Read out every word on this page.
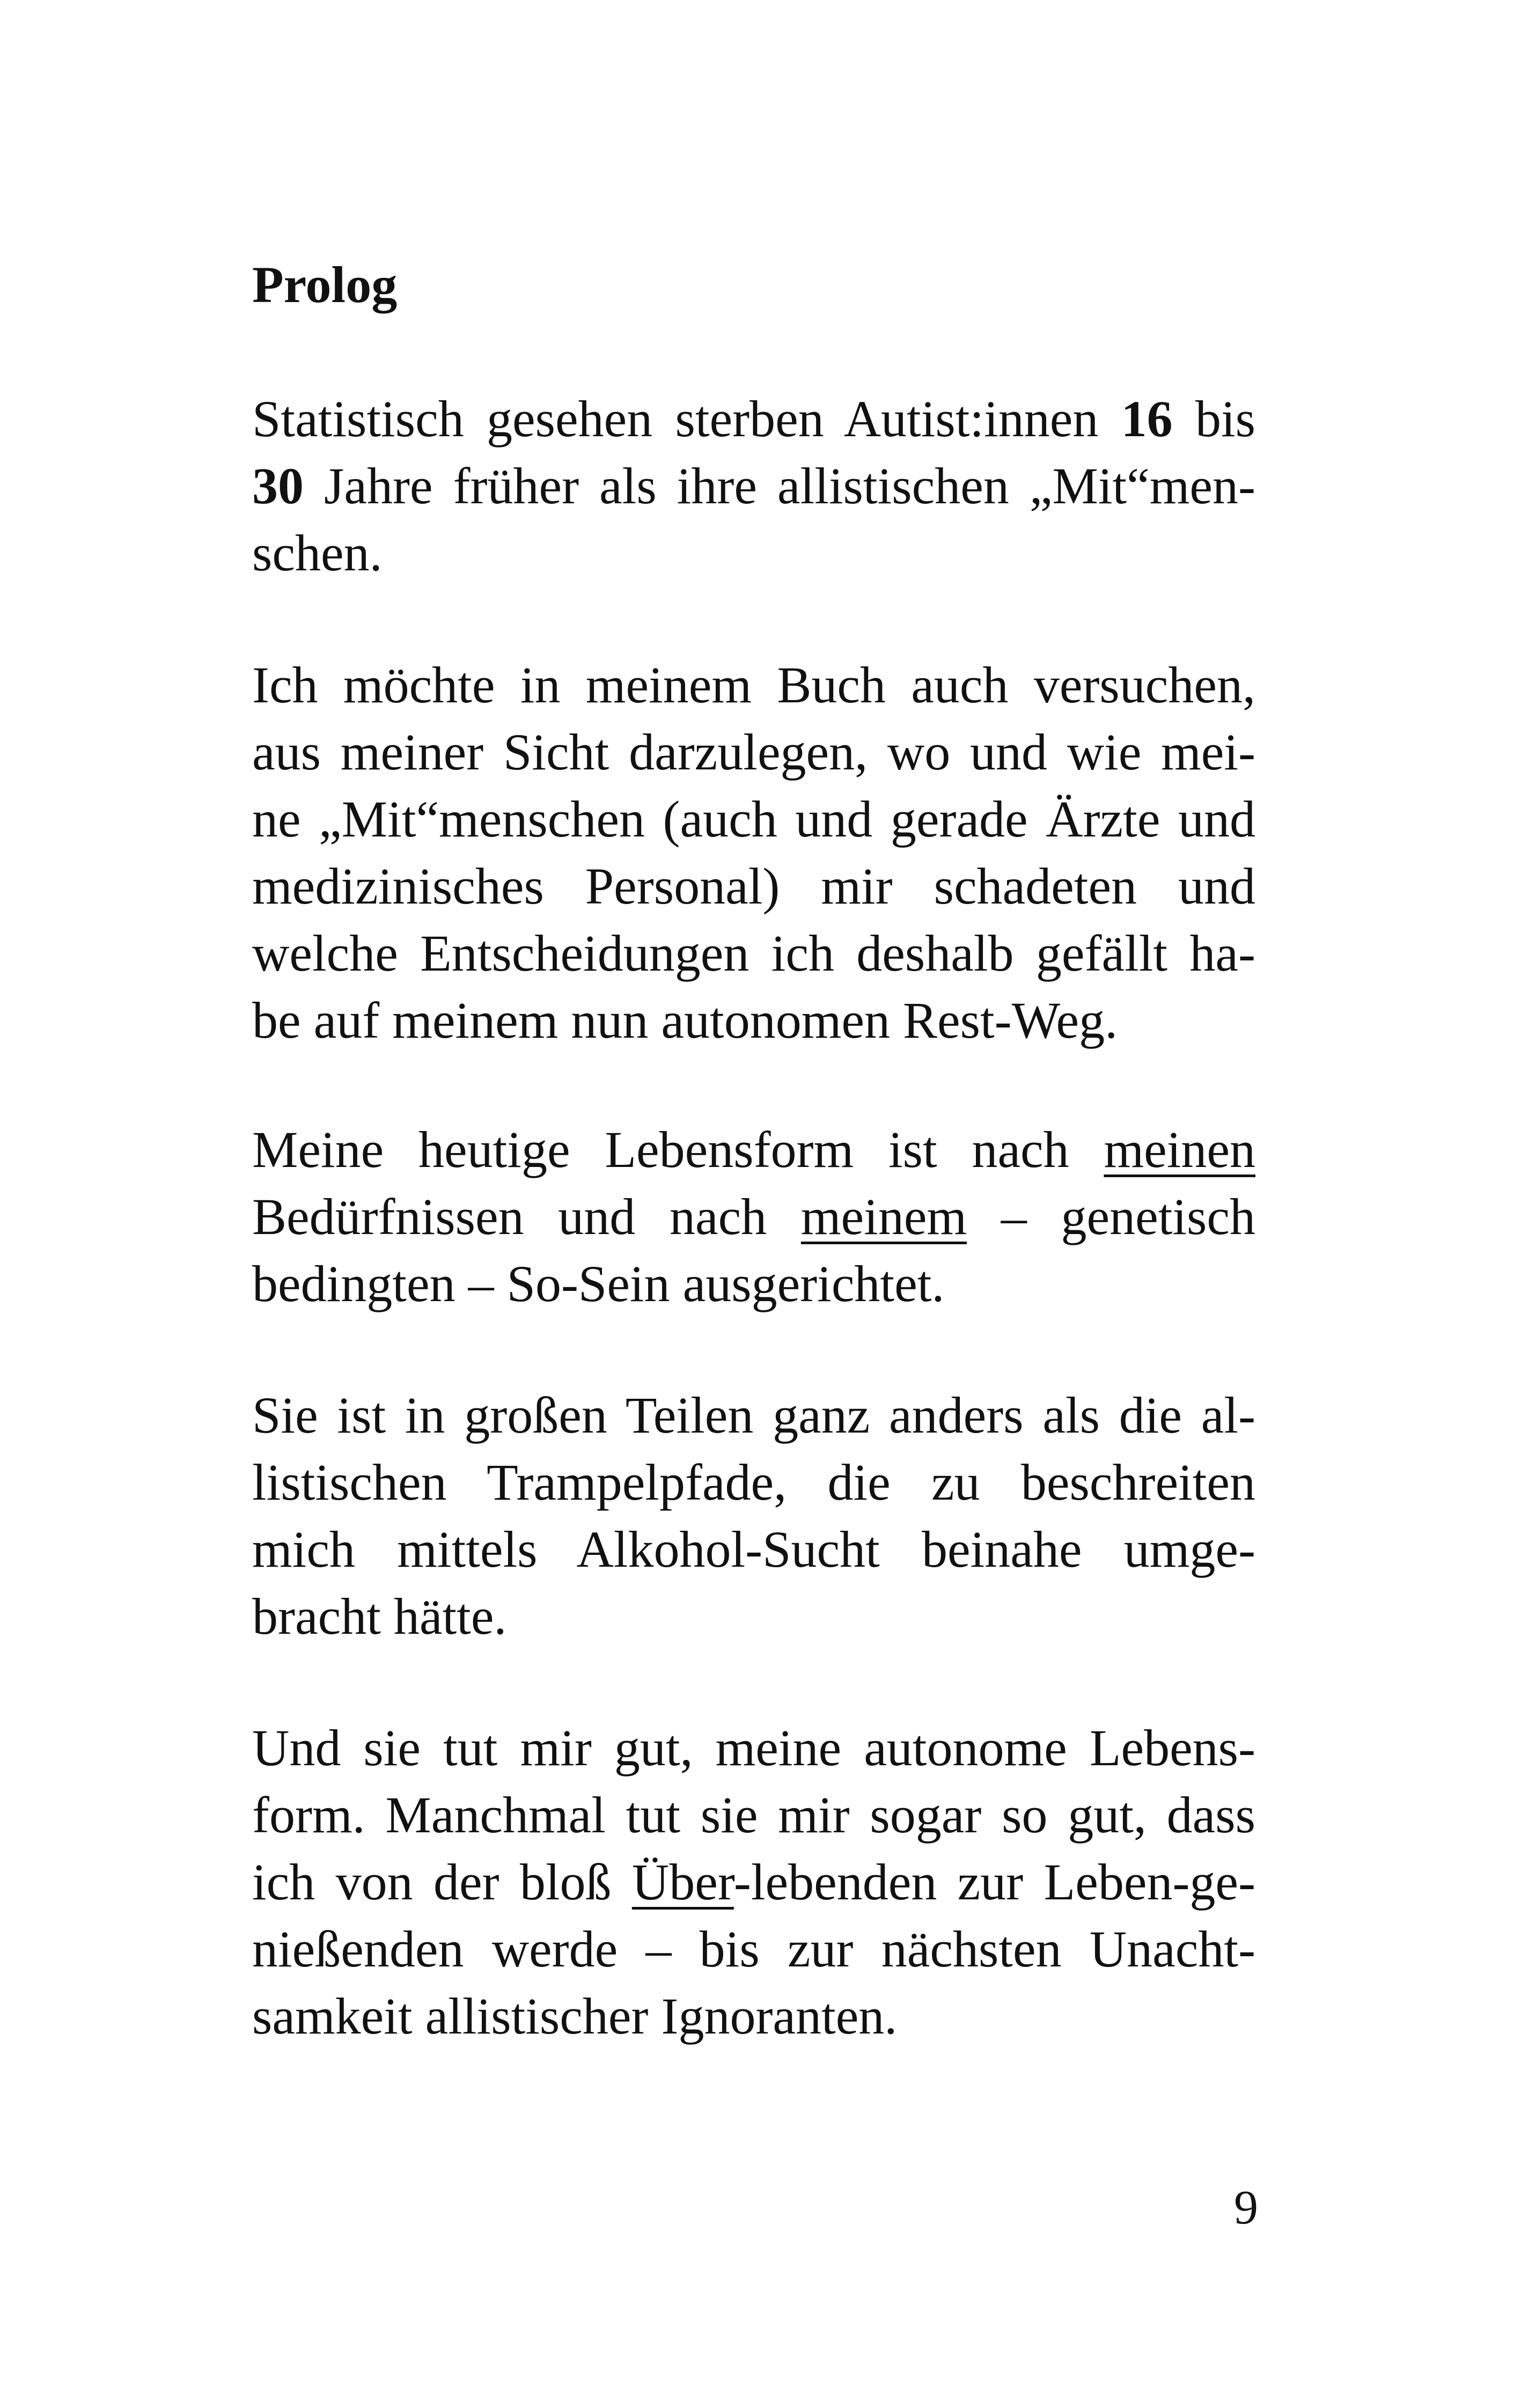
Prolog
Statistisch gesehen sterben Autist:innen 16 bis
30 Jahre früher als ihre allistischen „Mit“men-
schen.
Ich möchte in meinem Buch auch versuchen,
aus meiner Sicht darzulegen, wo und wie mei-
ne „Mit“menschen (auch und gerade Ärzte und
medizinisches Personal) mir schadeten und
welche Entscheidungen ich deshalb gefällt ha-
be auf meinem nun autonomen Rest-Weg.
Meine heutige Lebensform ist nach meinen
Bedürfnissen und nach meinem – genetisch
bedingten – So-Sein ausgerichtet.
Sie ist in großen Teilen ganz anders als die al-
listischen Trampelpfade, die zu beschreiten
mich mittels Alkohol-Sucht beinahe umge-
bracht hätte.
Und sie tut mir gut, meine autonome Lebens-
form. Manchmal tut sie mir sogar so gut, dass
ich von der bloß Über-lebenden zur Leben-ge-
nießenden werde – bis zur nächsten Unacht-
samkeit allistischer Ignoranten.
9
